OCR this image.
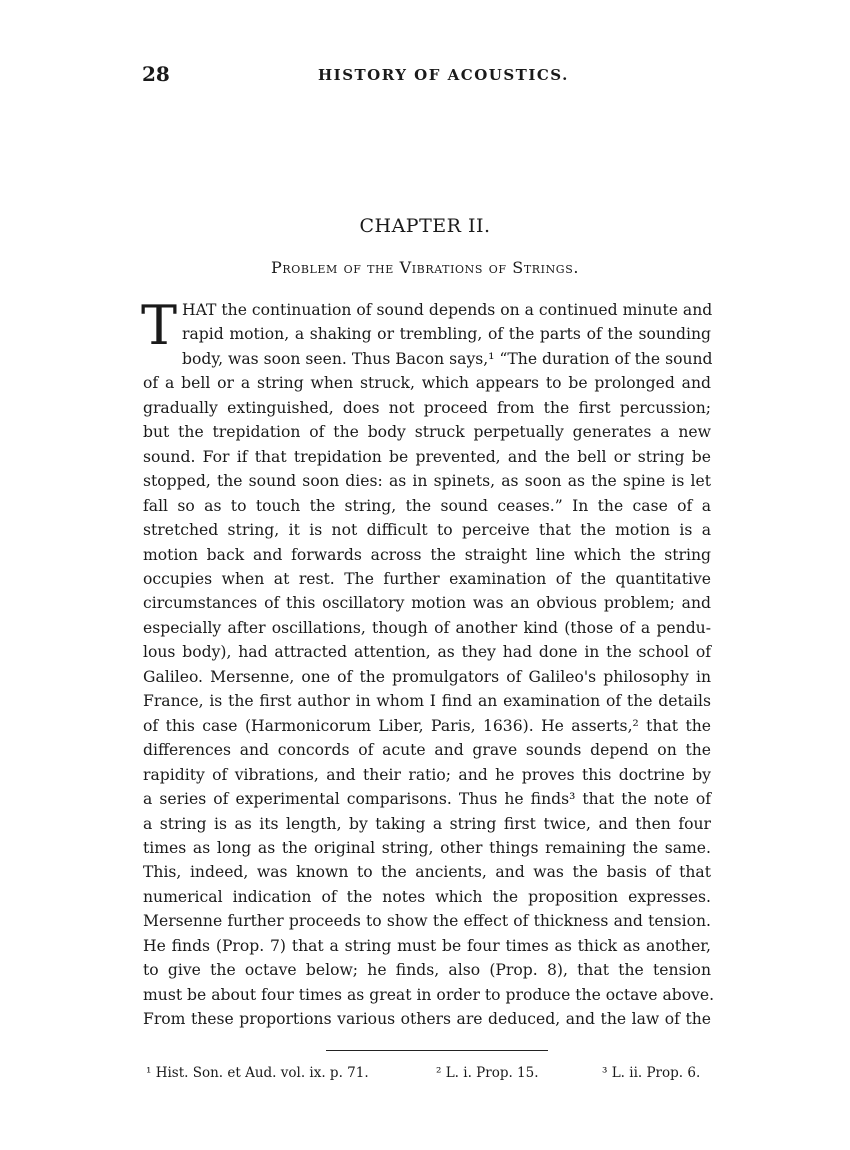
28	HISTORY OF ACOUSTICS.
CHAPTER II.
Problem of the Vibrations of Strings.
T HAT the continuation of sound depends on a continued minute and
rapid motion, a shaking or trembling, of the parts of the sounding
body, was soon seen. Thus Bacon says,¹ “The duration of the sound
of a bell or a string when struck, which appears to be prolonged and
gradually extinguished, does not proceed from the first percussion;
but the trepidation of the body struck perpetually generates a new
sound. For if that trepidation be prevented, and the bell or string be
stopped, the sound soon dies: as in spinets, as soon as the spine is let
fall so as to touch the string, the sound ceases.” In the case of a
stretched string, it is not difficult to perceive that the motion is a
motion back and forwards across the straight line which the string
occupies when at rest. The further examination of the quantitative
circumstances of this oscillatory motion was an obvious problem; and
especially after oscillations, though of another kind (those of a pendu-
lous body), had attracted attention, as they had done in the school of
Galileo. Mersenne, one of the promulgators of Galileo's philosophy in
France, is the first author in whom I find an examination of the details
of this case (Harmonicorum Liber, Paris, 1636). He asserts,² that the
differences and concords of acute and grave sounds depend on the
rapidity of vibrations, and their ratio; and he proves this doctrine by
a series of experimental comparisons. Thus he finds³ that the note of
a string is as its length, by taking a string first twice, and then four
times as long as the original string, other things remaining the same.
This, indeed, was known to the ancients, and was the basis of that
numerical indication of the notes which the proposition expresses.
Mersenne further proceeds to show the effect of thickness and tension.
He finds (Prop. 7) that a string must be four times as thick as another,
to give the octave below; he finds, also (Prop. 8), that the tension
must be about four times as great in order to produce the octave above.
From these proportions various others are deduced, and the law of the
¹ Hist. Son. et Aud. vol. ix. p. 71.	² L. i. Prop. 15.	³ L. ii. Prop. 6.
